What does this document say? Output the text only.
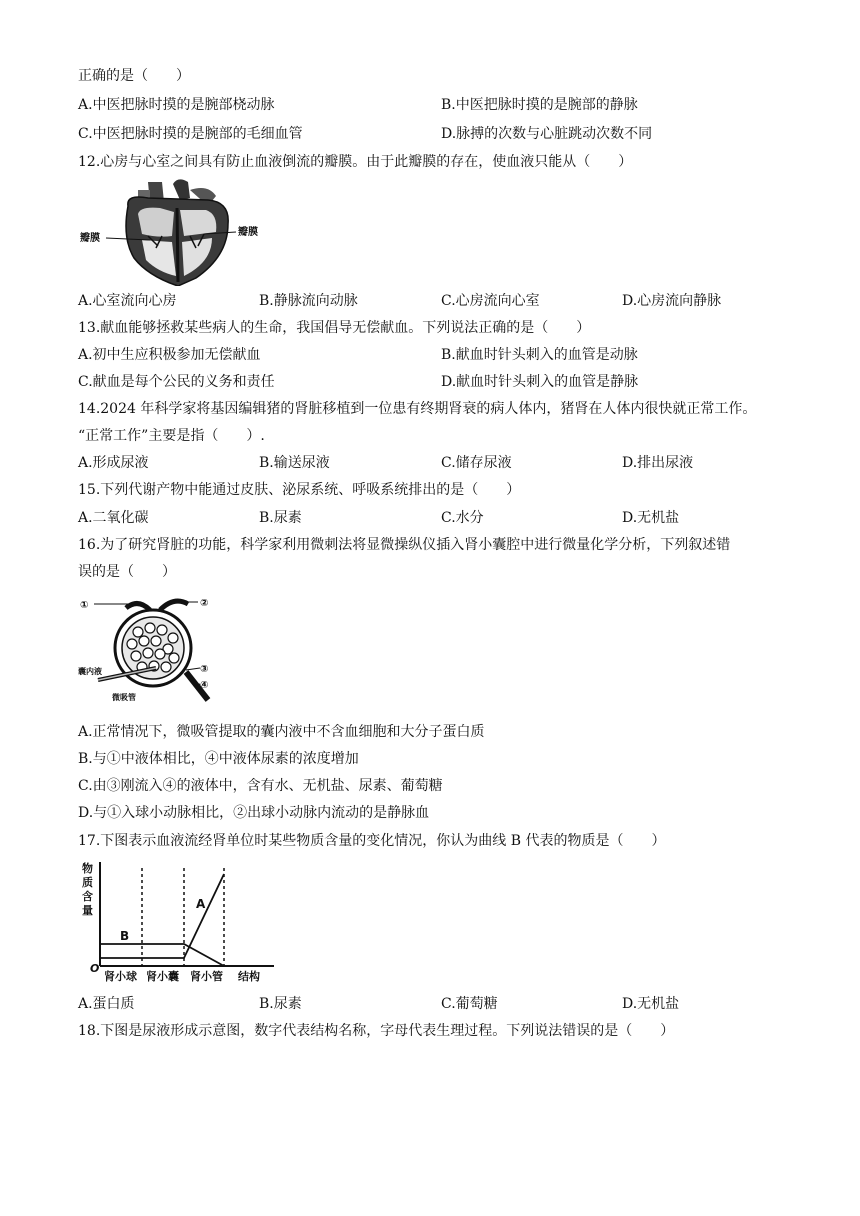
正确的是（　　）
A.中医把脉时摸的是腕部桡动脉	B.中医把脉时摸的是腕部的静脉
C.中医把脉时摸的是腕部的毛细血管	D.脉搏的次数与心脏跳动次数不同
12.心房与心室之间具有防止血液倒流的瓣膜。由于此瓣膜的存在，使血液只能从（　　）
瓣膜
瓣膜
A.心室流向心房	B.静脉流向动脉	C.心房流向心室	D.心房流向静脉
13.献血能够拯救某些病人的生命，我国倡导无偿献血。下列说法正确的是（　　）
A.初中生应积极参加无偿献血	B.献血时针头刺入的血管是动脉
C.献血是每个公民的义务和责任	D.献血时针头刺入的血管是静脉
14.2024 年科学家将基因编辑猪的肾脏移植到一位患有终期肾衰的病人体内，猪肾在人体内很快就正常工作。
“正常工作”主要是指（　　）.
A.形成尿液	B.输送尿液	C.储存尿液	D.排出尿液
15.下列代谢产物中能通过皮肤、泌尿系统、呼吸系统排出的是（　　）
A.二氧化碳	B.尿素	C.水分	D.无机盐
16.为了研究肾脏的功能，科学家利用微刺法将显微操纵仪插入肾小囊腔中进行微量化学分析，下列叙述错
误的是（　　）
①	②
③
④
囊内液
微吸管
A.正常情况下，微吸管提取的囊内液中不含血细胞和大分子蛋白质
B.与①中液体相比，④中液体尿素的浓度增加
C.由③刚流入④的液体中，含有水、无机盐、尿素、葡萄糖
D.与①入球小动脉相比，②出球小动脉内流动的是静脉血
17.下图表示血液流经肾单位时某些物质含量的变化情况，你认为曲线 B 代表的物质是（　　）
物
质
含
量	A
B
O
肾小球 肾小囊 肾小管 结构
A.蛋白质	B.尿素	C.葡萄糖	D.无机盐
18.下图是尿液形成示意图，数字代表结构名称，字母代表生理过程。下列说法错误的是（　　）
